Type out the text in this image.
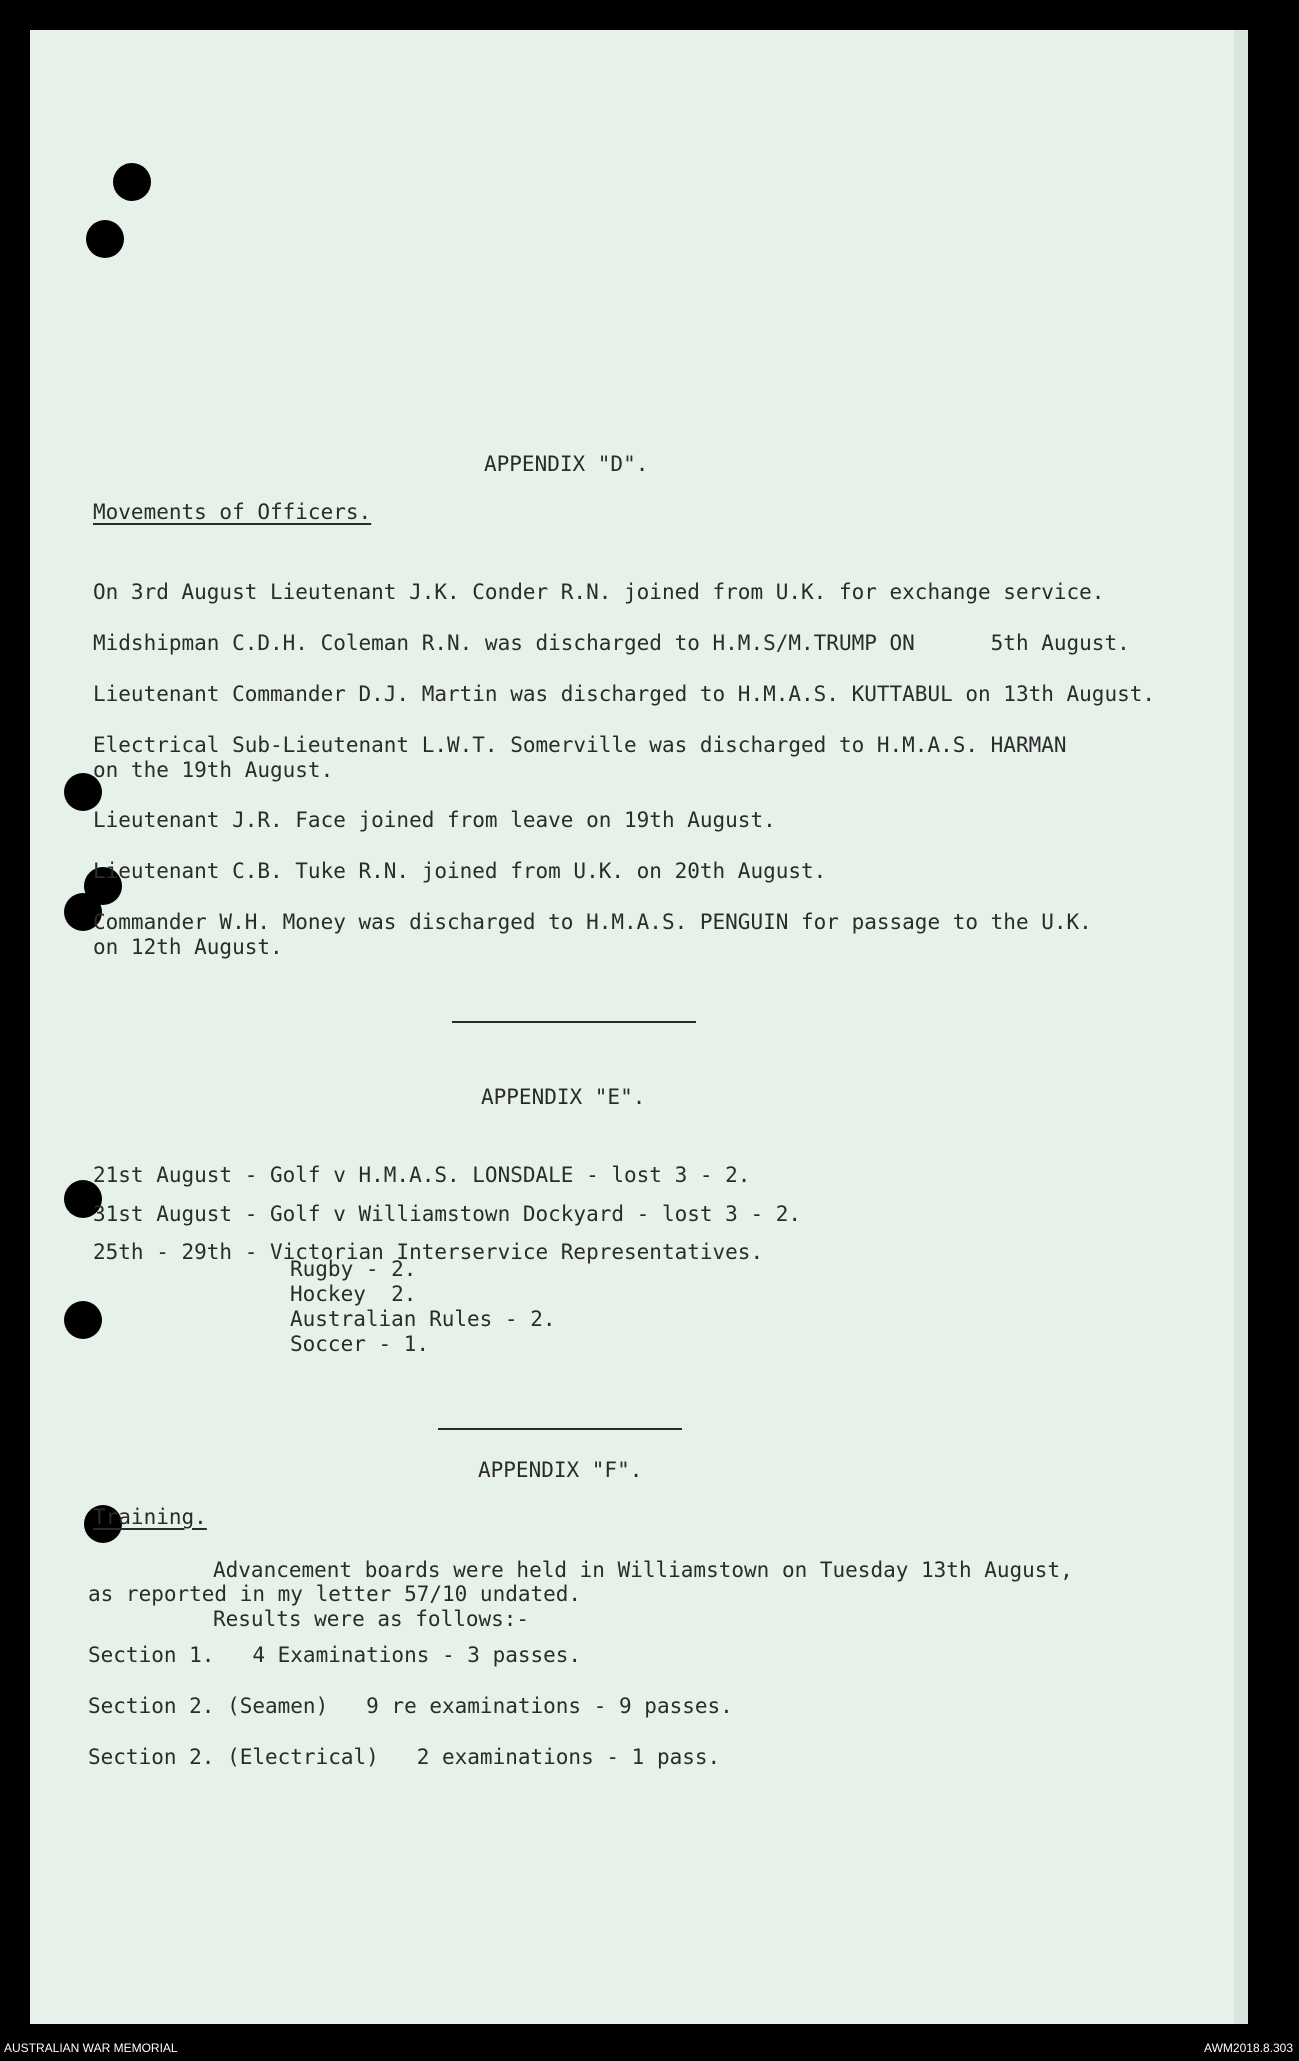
APPENDIX "D".

Movements of Officers.

On 3rd August Lieutenant J.K. Conder R.N. joined from U.K. for exchange service.

Midshipman C.D.H. Coleman R.N. was discharged to H.M.S/M.TRUMP ON      5th August.

Lieutenant Commander D.J. Martin was discharged to H.M.A.S. KUTTABUL on 13th August.

Electrical Sub-Lieutenant L.W.T. Somerville was discharged to H.M.A.S. HARMAN

on the 19th August.

Lieutenant J.R. Face joined from leave on 19th August.

Lieutenant C.B. Tuke R.N. joined from U.K. on 20th August.

Commander W.H. Money was discharged to H.M.A.S. PENGUIN for passage to the U.K.

on 12th August.

APPENDIX "E".

21st August - Golf v H.M.A.S. LONSDALE - lost 3 - 2.

31st August - Golf v Williamstown Dockyard - lost 3 - 2.

25th - 29th - Victorian Interservice Representatives.

Rugby - 2.

Hockey  2.

Australian Rules - 2.

Soccer - 1.

APPENDIX "F".

Training.

Advancement boards were held in Williamstown on Tuesday 13th August,

as reported in my letter 57/10 undated.

Results were as follows:-

Section 1.   4 Examinations - 3 passes.

Section 2. (Seamen)   9 re examinations - 9 passes.

Section 2. (Electrical)   2 examinations - 1 pass.

AUSTRALIAN WAR MEMORIAL	AWM2018.8.303
